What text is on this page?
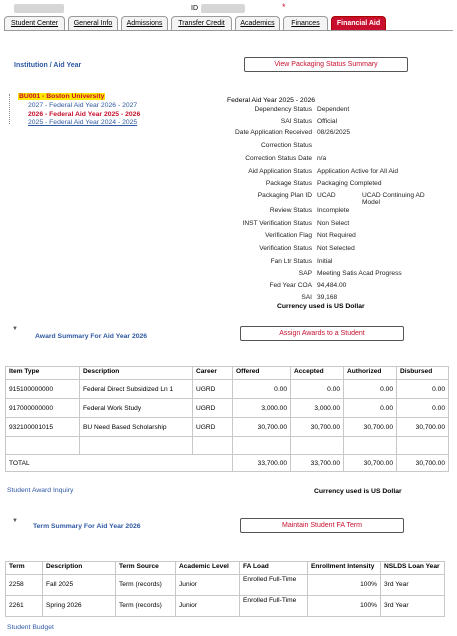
ID	*
Student Center	General Info	Admissions	Transfer Credit	Academics	Finances	Financial Aid
Institution / Aid Year	View Packaging Status Summary
BU001 - Boston University
2027 - Federal Aid Year 2026 - 2027
2026 - Federal Aid Year 2025 - 2026
2025 - Federal Aid Year 2024 - 2025
Federal Aid Year 2025 - 2026
Dependency Status Dependent
SAI Status Official
Date Application Received 08/26/2025
Correction Status
Correction Status Date n/a
Aid Application Status Application Active for All Aid
Package Status Packaging Completed
Packaging Plan ID UCAD	UCAD Continuing AD Model
Review Status Incomplete
INST Verification Status Non Select
Verification Flag Not Required
Verification Status Not Selected
Fan Ltr Status Initial
SAP Meeting Satis Acad Progress
Fed Year COA 94,484.00
SAI 39,168
Currency used is US Dollar
▼
Award Summary For Aid Year 2026	Assign Awards to a Student
Item Type	Description	Career	Offered	Accepted	Authorized	Disbursed
915100000000	Federal Direct Subsidized Ln 1	UGRD	0.00	0.00	0.00	0.00
917000000000	Federal Work Study	UGRD	3,000.00	3,000.00	0.00	0.00
932100001015	BU Need Based Scholarship	UGRD	30,700.00	30,700.00	30,700.00	30,700.00

TOTAL			33,700.00	33,700.00	30,700.00	30,700.00
Student Award Inquiry	Currency used is US Dollar
▼
Term Summary For Aid Year 2026	Maintain Student FA Term
Term	Description	Term Source	Academic Level	FA Load	Enrollment Intensity	NSLDS Loan Year
2258	Fall 2025	Term (records)	Junior	Enrolled Full-Time	100%	3rd Year
2261	Spring 2026	Term (records)	Junior	Enrolled Full-Time	100%	3rd Year
Student Budget
